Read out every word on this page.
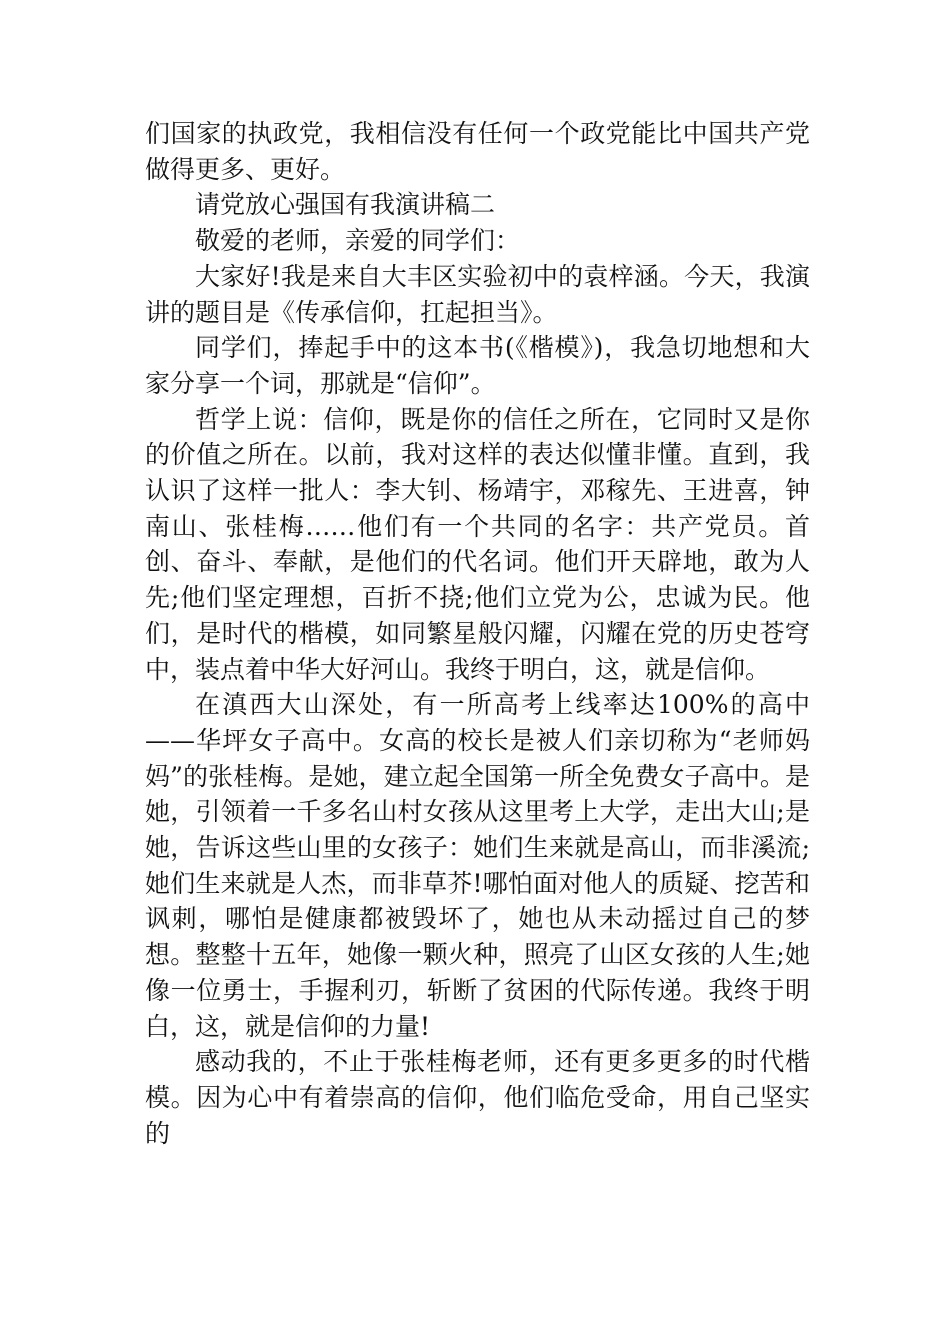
们国家的执政党，我相信没有任何一个政党能比中国共产党做得更多、更好。

请党放心强国有我演讲稿二

敬爱的老师，亲爱的同学们：

大家好!我是来自大丰区实验初中的袁梓涵。今天，我演讲的题目是《传承信仰，扛起担当》。

同学们，捧起手中的这本书(《楷模》)，我急切地想和大家分享一个词，那就是“信仰”。

哲学上说：信仰，既是你的信任之所在，它同时又是你的价值之所在。以前，我对这样的表达似懂非懂。直到，我认识了这样一批人：李大钊、杨靖宇，邓稼先、王进喜，钟南山、张桂梅……他们有一个共同的名字：共产党员。首创、奋斗、奉献，是他们的代名词。他们开天辟地，敢为人先;他们坚定理想，百折不挠;他们立党为公，忠诚为民。他们，是时代的楷模，如同繁星般闪耀，闪耀在党的历史苍穹中，装点着中华大好河山。我终于明白，这，就是信仰。

在滇西大山深处，有一所高考上线率达100%的高中——华坪女子高中。女高的校长是被人们亲切称为“老师妈妈”的张桂梅。是她，建立起全国第一所全免费女子高中。是她，引领着一千多名山村女孩从这里考上大学，走出大山;是她，告诉这些山里的女孩子：她们生来就是高山，而非溪流;她们生来就是人杰，而非草芥!哪怕面对他人的质疑、挖苦和讽刺，哪怕是健康都被毁坏了，她也从未动摇过自己的梦想。整整十五年，她像一颗火种，照亮了山区女孩的人生;她像一位勇士，手握利刃，斩断了贫困的代际传递。我终于明白，这，就是信仰的力量!

感动我的，不止于张桂梅老师，还有更多更多的时代楷模。因为心中有着崇高的信仰，他们临危受命，用自己坚实的
